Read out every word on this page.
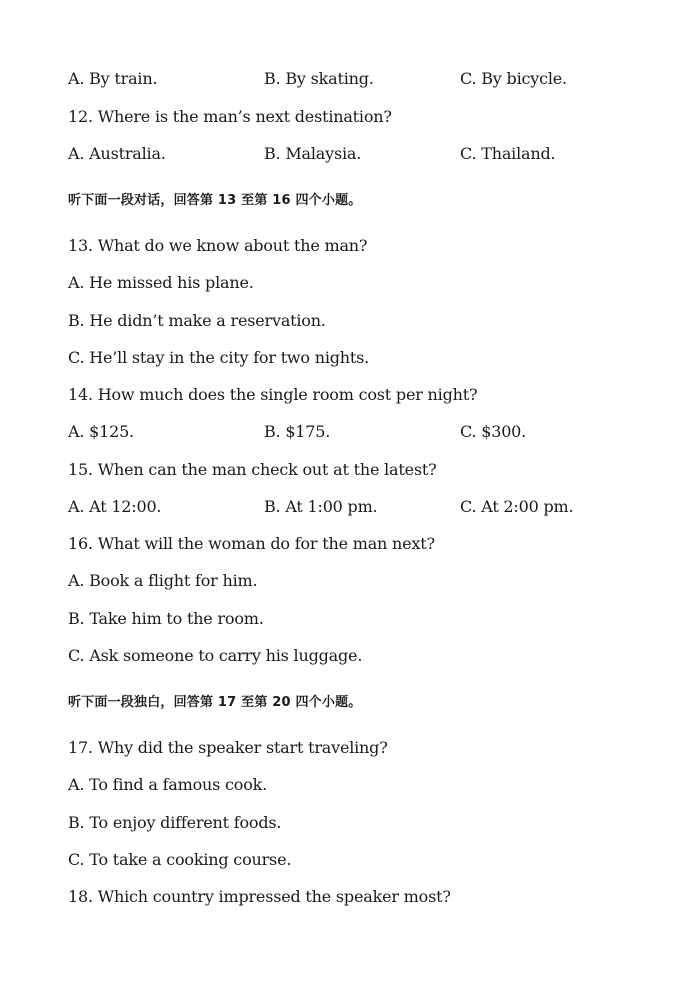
A. By train.	B. By skating.	C. By bicycle.
12. Where is the man’s next destination?
A. Australia.	B. Malaysia.	C. Thailand.
听下面一段对话，回答第 13 至第 16 四个小题。
13. What do we know about the man?
A. He missed his plane.
B. He didn’t make a reservation.
C. He’ll stay in the city for two nights.
14. How much does the single room cost per night?
A. $125.	B. $175.	C. $300.
15. When can the man check out at the latest?
A. At 12:00.	B. At 1:00 pm.	C. At 2:00 pm.
16. What will the woman do for the man next?
A. Book a flight for him.
B. Take him to the room.
C. Ask someone to carry his luggage.
听下面一段独白，回答第 17 至第 20 四个小题。
17. Why did the speaker start traveling?
A. To find a famous cook.
B. To enjoy different foods.
C. To take a cooking course.
18. Which country impressed the speaker most?
